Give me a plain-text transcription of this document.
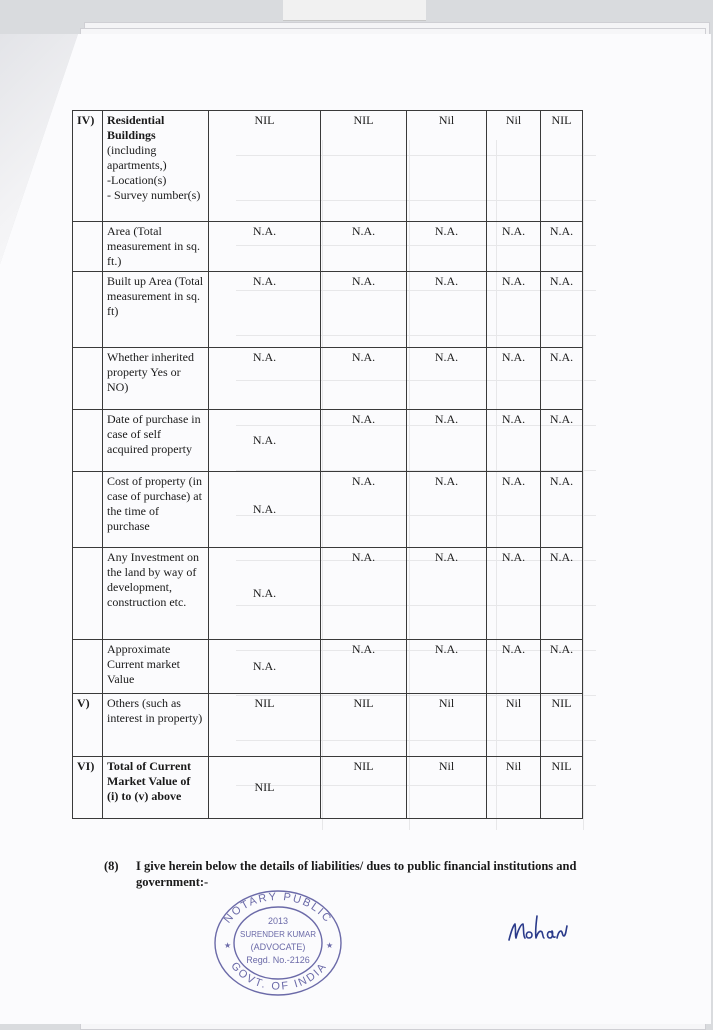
IV)	Residential Buildings
(including apartments,)
-Location(s)
- Survey number(s)	NIL	NIL	Nil	Nil	NIL

	Area (Total measurement in sq. ft.)	N.A.	N.A.	N.A.	N.A.	N.A.

	Built up Area (Total measurement in sq. ft)	N.A.	N.A.	N.A.	N.A.	N.A.

	Whether inherited property Yes or NO)	N.A.	N.A.	N.A.	N.A.	N.A.

	Date of purchase in case of self acquired property	N.A.	N.A.	N.A.	N.A.	N.A.

	Cost of property (in case of purchase) at the time of purchase	N.A.	N.A.	N.A.	N.A.	N.A.

	Any Investment on the land by way of development, construction etc.	N.A.	N.A.	N.A.	N.A.	N.A.

	Approximate Current market Value	N.A.	N.A.	N.A.	N.A.	N.A.
V)	Others (such as interest in property)	NIL	NIL	Nil	Nil	NIL
VI)	Total of Current Market Value of (i) to (v) above	NIL	NIL	Nil	Nil	NIL
(8) I give herein below the details of liabilities/ dues to public financial institutions and
government:-
NOTARY PUBLIC
GOVT. OF INDIA
2013
SURENDER KUMAR
(ADVOCATE)
Regd. No.-2126
★	★
